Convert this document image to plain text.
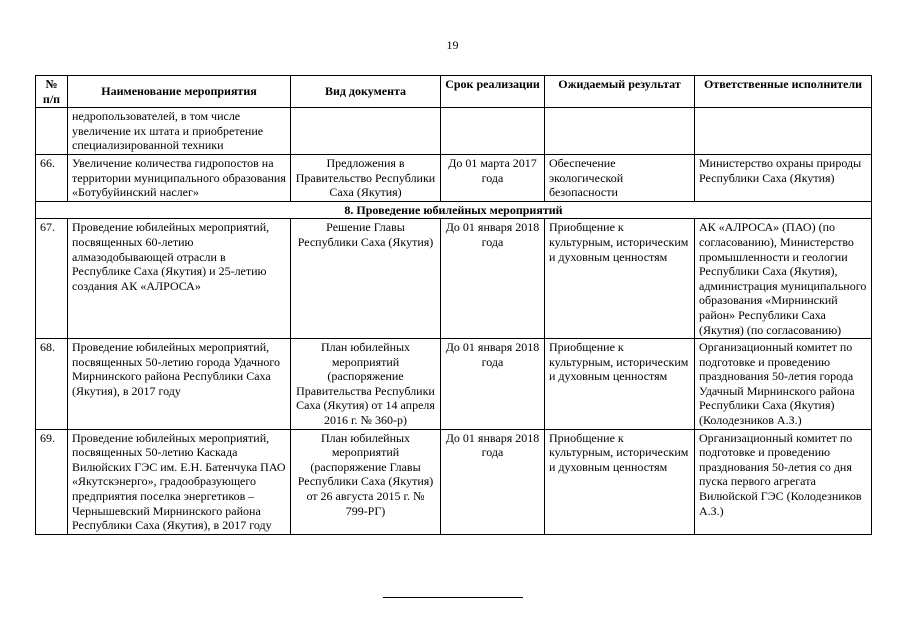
19
№ п/п	Наименование мероприятия	Вид документа	Срок реализации	Ожидаемый результат	Ответственные исполнители
	недропользователей, в том числе увеличение их штата и приобретение специализированной техники				
66.	Увеличение количества гидропостов на территории муниципального образования «Ботубуйинский наслег»	Предложения в Правительство Республики Саха (Якутия)	До 01 марта 2017 года	Обеспечение экологической безопасности	Министерство охраны природы Республики Саха (Якутия)
8. Проведение юбилейных мероприятий					
67.	Проведение юбилейных мероприятий, посвященных 60-летию алмазодобывающей отрасли в Республике Саха (Якутия) и 25-летию создания АК «АЛРОСА»	Решение Главы Республики Саха (Якутия)	До 01 января 2018 года	Приобщение к культурным, историческим и духовным ценностям	АК «АЛРОСА» (ПАО) (по согласованию), Министерство промышленности и геологии Республики Саха (Якутия), администрация муниципального образования «Мирнинский район» Республики Саха (Якутия) (по согласованию)
68.	Проведение юбилейных мероприятий, посвященных 50-летию города Удачного Мирнинского района Республики Саха (Якутия), в 2017 году	План юбилейных мероприятий (распоряжение Правительства Республики Саха (Якутия) от 14 апреля 2016 г. № 360-р)	До 01 января 2018 года	Приобщение к культурным, историческим и духовным ценностям	Организационный комитет по подготовке и проведению празднования 50-летия города Удачный Мирнинского района Республики Саха (Якутия) (Колодезников А.З.)
69.	Проведение юбилейных мероприятий, посвященных 50-летию Каскада Вилюйских ГЭС им. Е.Н. Батенчука ПАО «Якутскэнерго», градообразующего предприятия поселка энергетиков – Чернышевский Мирнинского района Республики Саха (Якутия), в 2017 году	План юбилейных мероприятий (распоряжение Главы Республики Саха (Якутия) от 26 августа 2015 г. № 799-РГ)	До 01 января 2018 года	Приобщение к культурным, историческим и духовным ценностям	Организационный комитет по подготовке и проведению празднования 50-летия со дня пуска первого агрегата Вилюйской ГЭС (Колодезников А.З.)
